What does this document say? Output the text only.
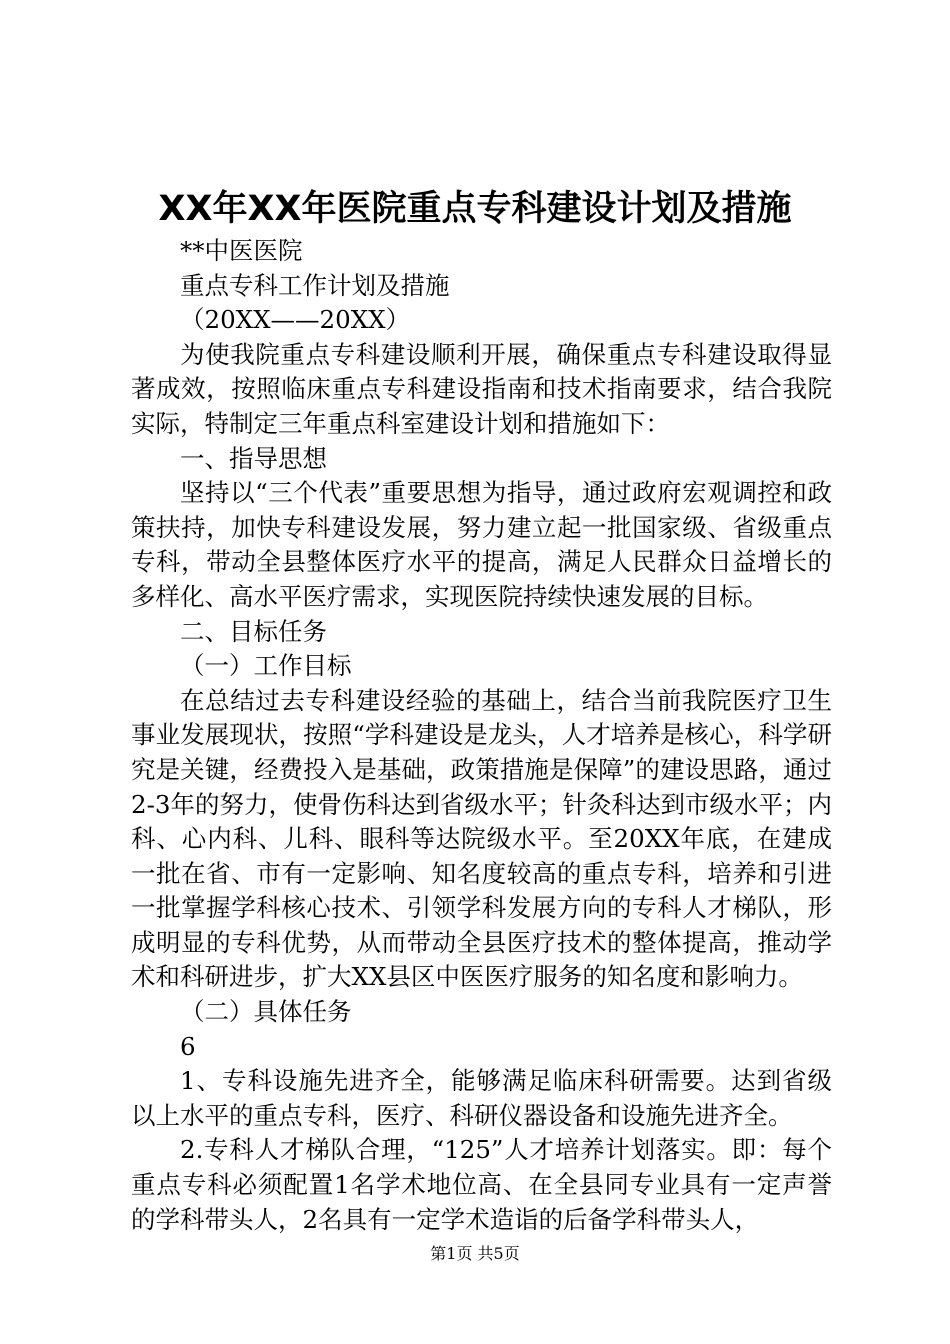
XX年XX年医院重点专科建设计划及措施

**中医医院

重点专科工作计划及措施

（20XX——20XX）

为使我院重点专科建设顺利开展，确保重点专科建设取得显著成效，按照临床重点专科建设指南和技术指南要求，结合我院实际，特制定三年重点科室建设计划和措施如下：

一、指导思想

坚持以“三个代表”重要思想为指导，通过政府宏观调控和政策扶持，加快专科建设发展，努力建立起一批国家级、省级重点专科，带动全县整体医疗水平的提高，满足人民群众日益增长的多样化、高水平医疗需求，实现医院持续快速发展的目标。

二、目标任务

（一）工作目标

在总结过去专科建设经验的基础上，结合当前我院医疗卫生事业发展现状，按照“学科建设是龙头，人才培养是核心，科学研究是关键，经费投入是基础，政策措施是保障”的建设思路，通过2-3年的努力，使骨伤科达到省级水平；针灸科达到市级水平；内科、心内科、儿科、眼科等达院级水平。至20XX年底，在建成一批在省、市有一定影响、知名度较高的重点专科，培养和引进一批掌握学科核心技术、引领学科发展方向的专科人才梯队，形成明显的专科优势，从而带动全县医疗技术的整体提高，推动学术和科研进步，扩大XX县区中医医疗服务的知名度和影响力。

（二）具体任务

6

1、专科设施先进齐全，能够满足临床科研需要。达到省级以上水平的重点专科，医疗、科研仪器设备和设施先进齐全。

2.专科人才梯队合理，“125”人才培养计划落实。即：每个重点专科必须配置1名学术地位高、在全县同专业具有一定声誉的学科带头人，2名具有一定学术造诣的后备学科带头人，

第1页 共5页
